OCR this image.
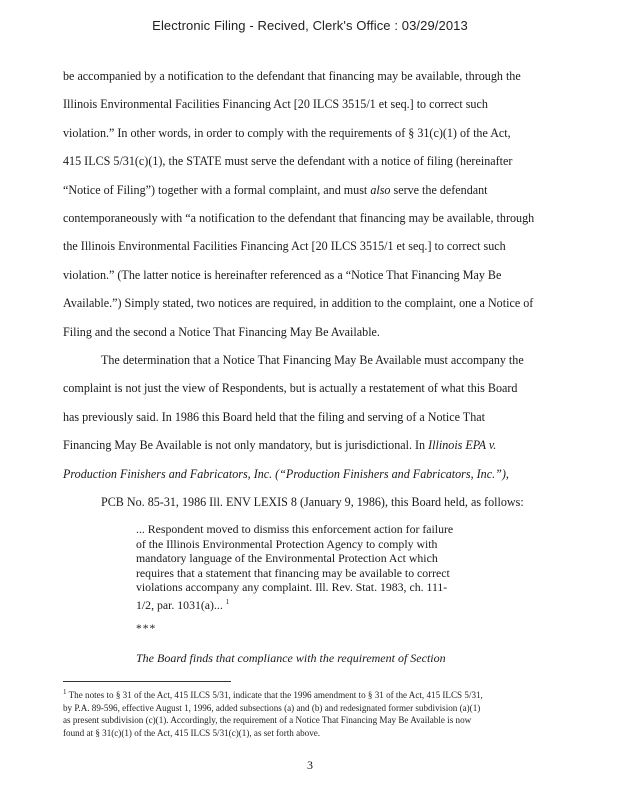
Electronic Filing - Recived, Clerk's Office : 03/29/2013
be accompanied by a notification to the defendant that financing may be available, through the
Illinois Environmental Facilities Financing Act [20 ILCS 3515/1 et seq.] to correct such
violation.” In other words, in order to comply with the requirements of § 31(c)(1) of the Act,
415 ILCS 5/31(c)(1), the STATE must serve the defendant with a notice of filing (hereinafter
“Notice of Filing”) together with a formal complaint, and must also serve the defendant
contemporaneously with “a notification to the defendant that financing may be available, through
the Illinois Environmental Facilities Financing Act [20 ILCS 3515/1 et seq.] to correct such
violation.” (The latter notice is hereinafter referenced as a “Notice That Financing May Be
Available.”) Simply stated, two notices are required, in addition to the complaint, one a Notice of
Filing and the second a Notice That Financing May Be Available.
The determination that a Notice That Financing May Be Available must accompany the
complaint is not just the view of Respondents, but is actually a restatement of what this Board
has previously said. In 1986 this Board held that the filing and serving of a Notice That
Financing May Be Available is not only mandatory, but is jurisdictional. In Illinois EPA v.
Production Finishers and Fabricators, Inc. (“Production Finishers and Fabricators, Inc.”),
PCB No. 85-31, 1986 Ill. ENV LEXIS 8 (January 9, 1986), this Board held, as follows:
... Respondent moved to dismiss this enforcement action for failure
of the Illinois Environmental Protection Agency to comply with
mandatory language of the Environmental Protection Act which
requires that a statement that financing may be available to correct
violations accompany any complaint. Ill. Rev. Stat. 1983, ch. 111-
1/2, par. 1031(a)... $^1$
***
The Board finds that compliance with the requirement of Section
$^1$ The notes to § 31 of the Act, 415 ILCS 5/31, indicate that the 1996 amendment to § 31 of the Act, 415 ILCS 5/31,
by P.A. 89-596, effective August 1, 1996, added subsections (a) and (b) and redesignated former subdivision (a)(1)
as present subdivision (c)(1). Accordingly, the requirement of a Notice That Financing May Be Available is now
found at § 31(c)(1) of the Act, 415 ILCS 5/31(c)(1), as set forth above.
3
